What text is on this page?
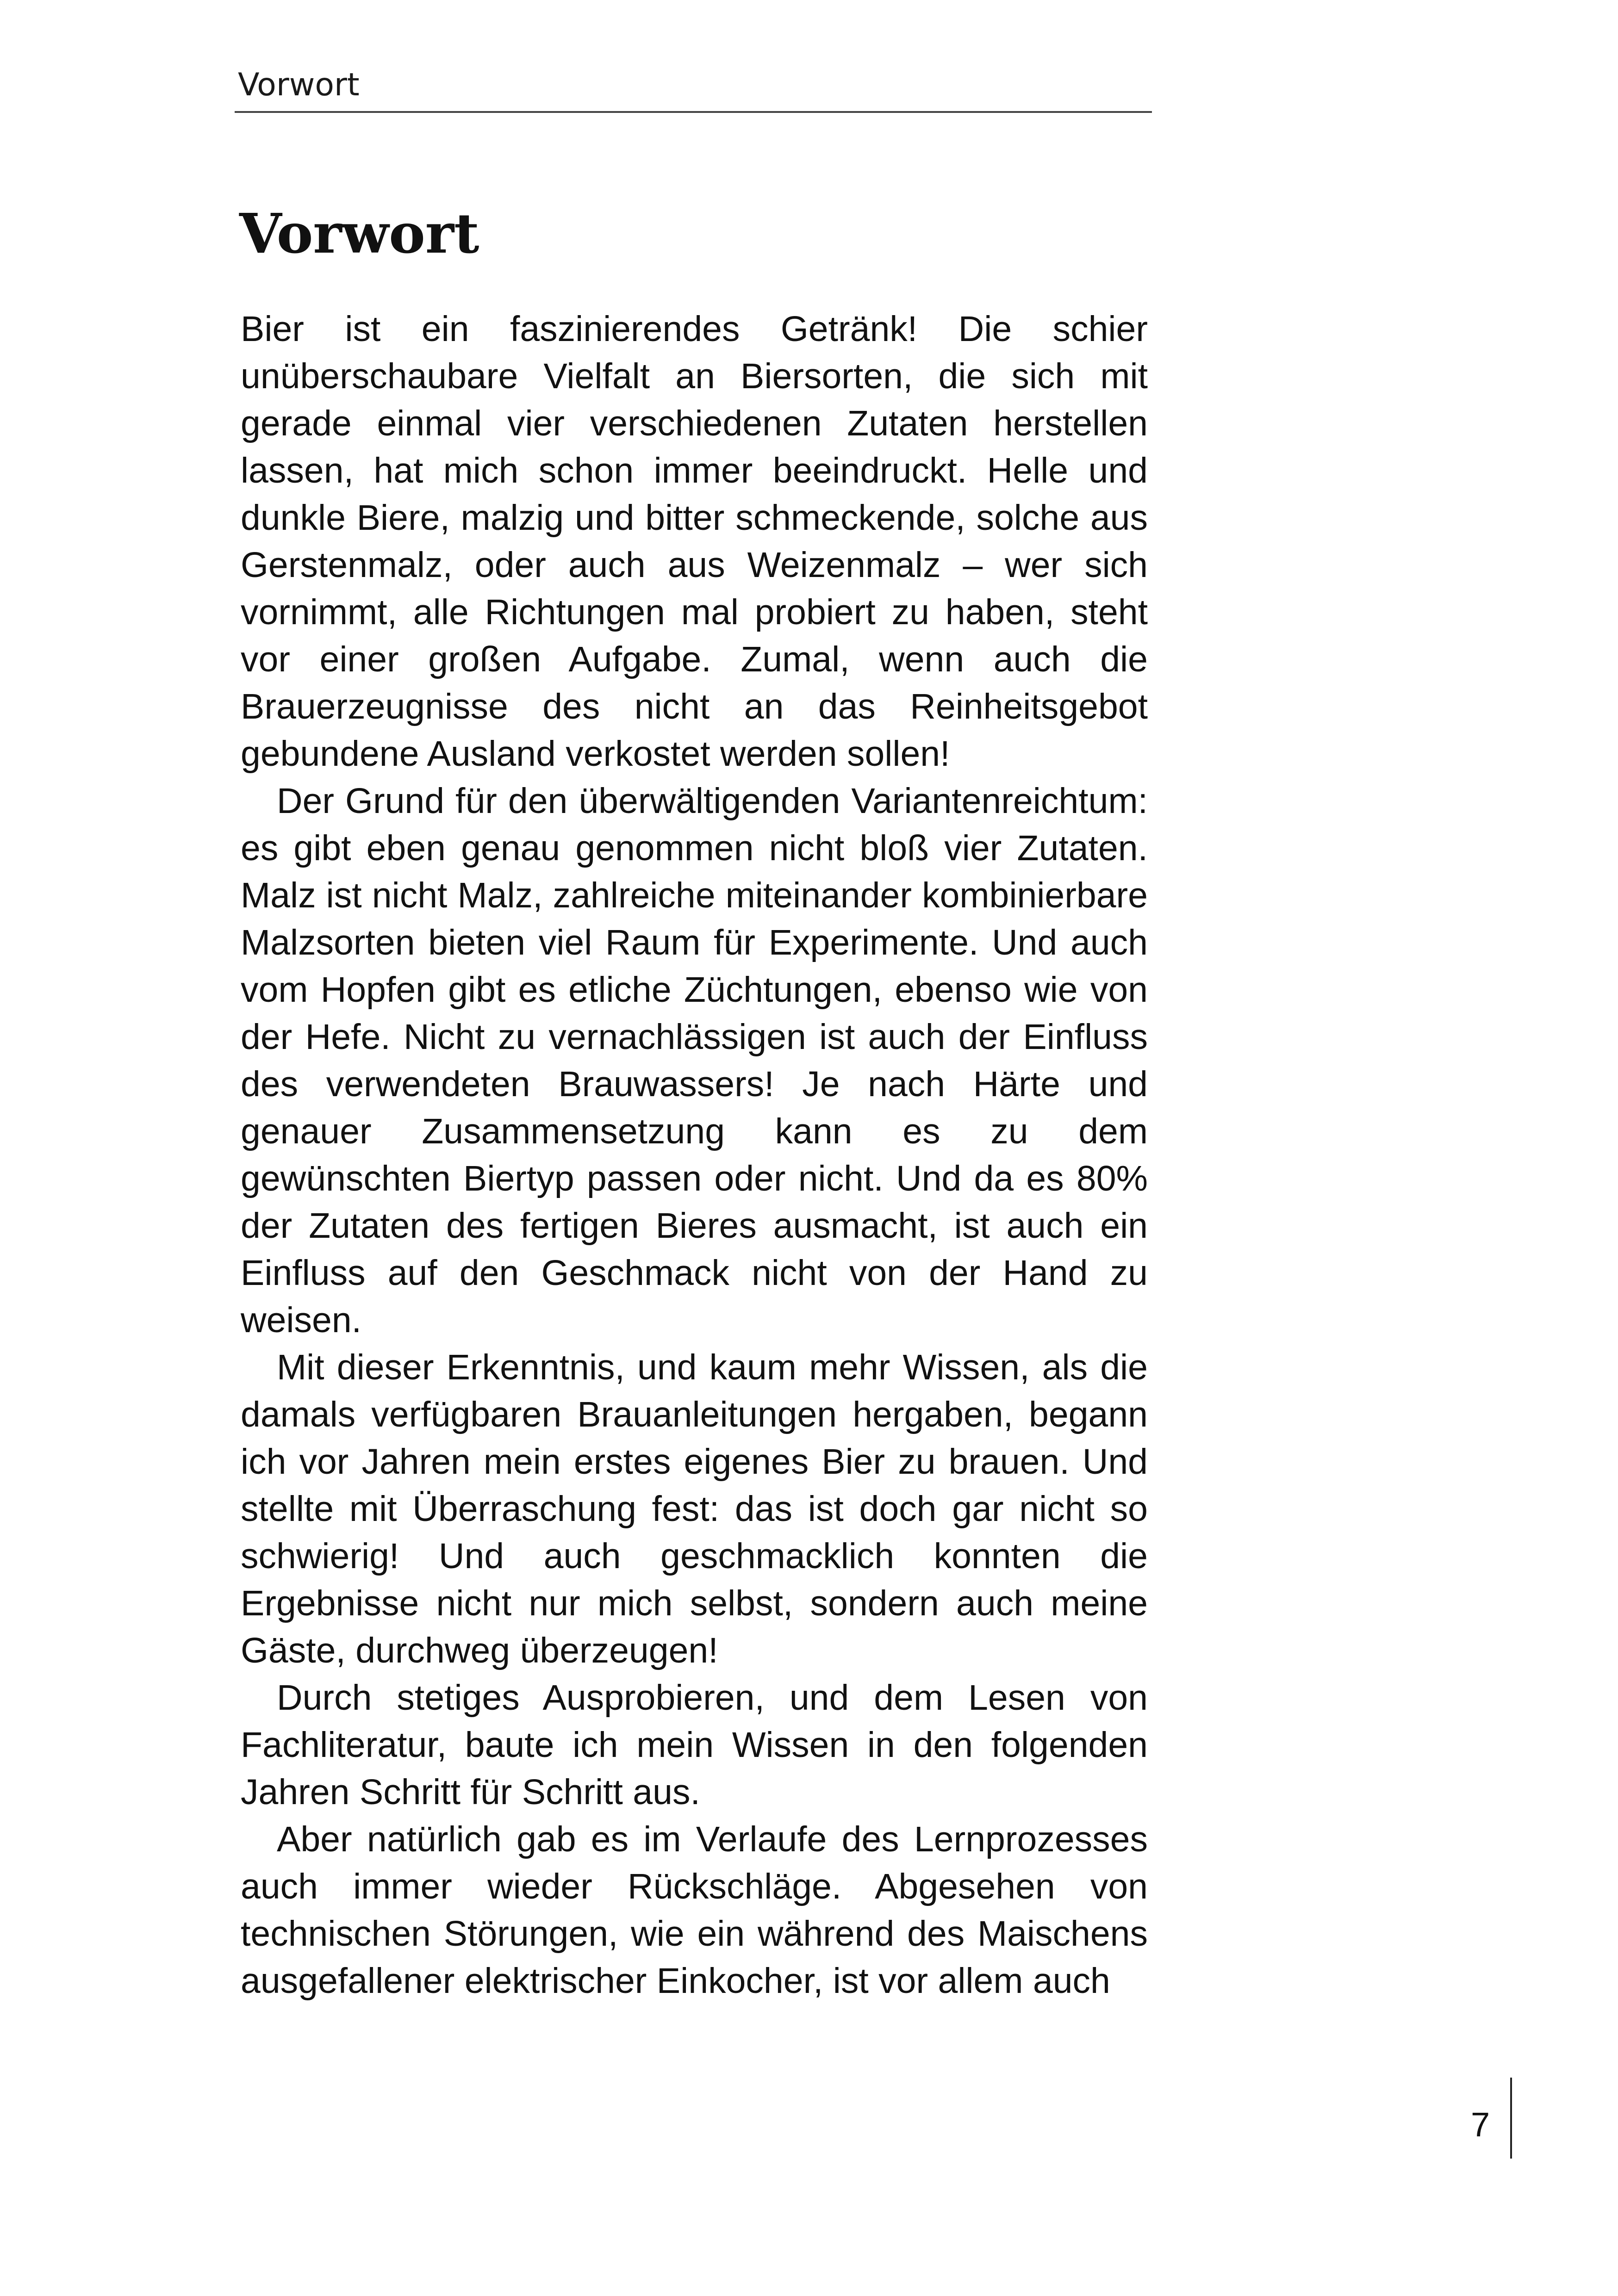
Vorwort
Vorwort

Bier ist ein faszinierendes Getränk! Die schier unüberschaubare Vielfalt an Biersorten, die sich mit gerade einmal vier verschiedenen Zutaten herstellen lassen, hat mich schon immer beeindruckt. Helle und dunkle Biere, malzig und bitter schmeckende, solche aus Gerstenmalz, oder auch aus Weizenmalz – wer sich vornimmt, alle Richtungen mal probiert zu haben, steht vor einer großen Aufgabe. Zumal, wenn auch die Brauerzeugnisse des nicht an das Reinheitsgebot gebundene Ausland verkostet werden sollen!

Der Grund für den überwältigenden Variantenreichtum: es gibt eben genau genommen nicht bloß vier Zutaten. Malz ist nicht Malz, zahlreiche miteinander kombinierbare Malzsorten bieten viel Raum für Experimente. Und auch vom Hopfen gibt es etliche Züchtungen, ebenso wie von der Hefe. Nicht zu vernachlässigen ist auch der Einfluss des verwendeten Brauwassers! Je nach Härte und genauer Zusammensetzung kann es zu dem gewünschten Biertyp passen oder nicht. Und da es 80% der Zutaten des fertigen Bieres ausmacht, ist auch ein Einfluss auf den Geschmack nicht von der Hand zu weisen.

Mit dieser Erkenntnis, und kaum mehr Wissen, als die damals verfügbaren Brauanleitungen hergaben, begann ich vor Jahren mein erstes eigenes Bier zu brauen. Und stellte mit Überraschung fest: das ist doch gar nicht so schwierig! Und auch geschmacklich konnten die Ergebnisse nicht nur mich selbst, sondern auch meine Gäste, durchweg überzeugen!

Durch stetiges Ausprobieren, und dem Lesen von Fachliteratur, baute ich mein Wissen in den folgenden Jahren Schritt für Schritt aus.

Aber natürlich gab es im Verlaufe des Lernprozesses auch immer wieder Rückschläge. Abgesehen von technischen Störungen, wie ein während des Maischens ausgefallener elektrischer Einkocher, ist vor allem auch

7
